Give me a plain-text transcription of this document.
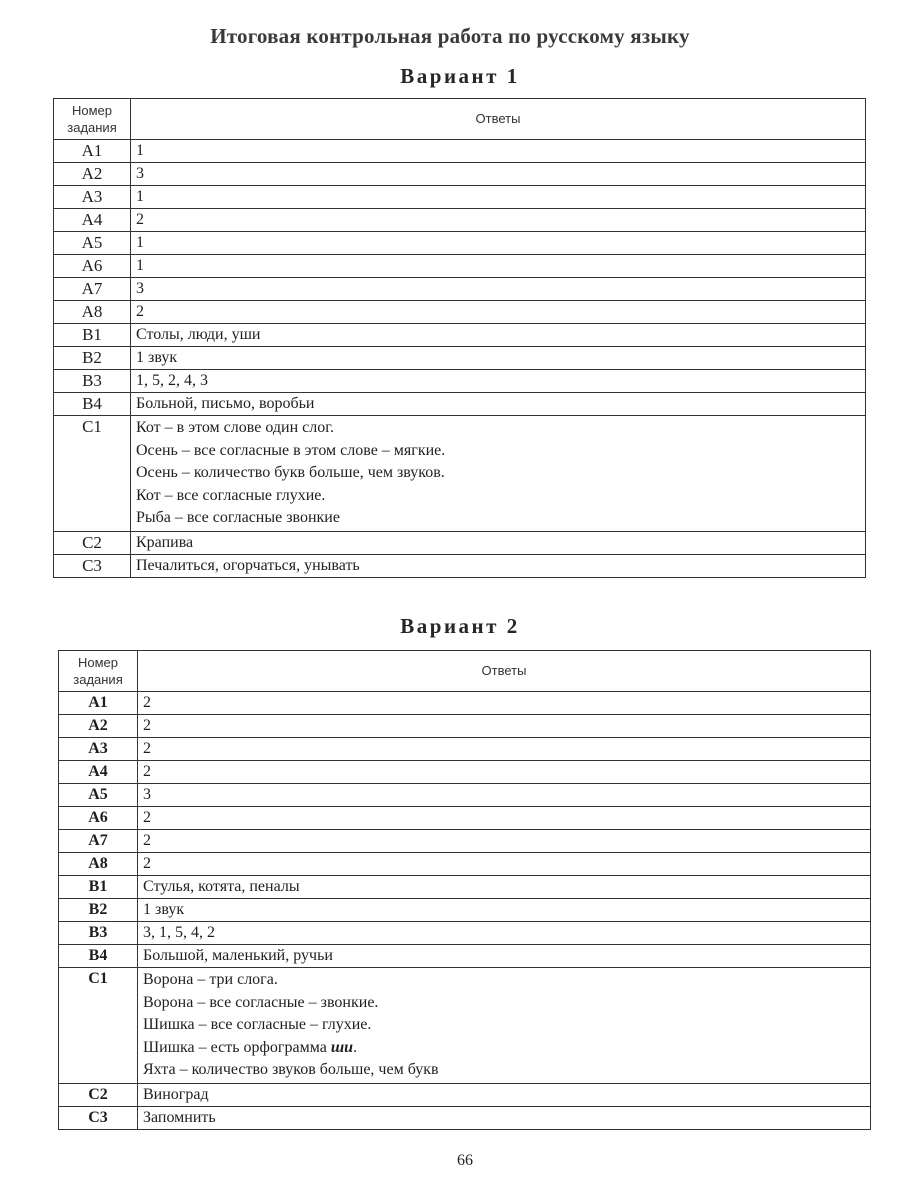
Итоговая контрольная работа по русскому языку
Вариант 1
Номер задания	Ответы
А1	1
А2	3
А3	1
А4	2
А5	1
А6	1
А7	3
А8	2
В1	Столы, люди, уши
В2	1 звук
В3	1, 5, 2, 4, 3
В4	Больной, письмо, воробьи
С1	Кот – в этом слове один слог.
Осень – все согласные в этом слове – мягкие.
Осень – количество букв больше, чем звуков.
Кот – все согласные глухие.
Рыба – все согласные звонкие

С2	Крапива
С3	Печалиться, огорчаться, унывать
Вариант 2
Номер
задания	Ответы
А1	2
А2	2
А3	2
А4	2
А5	3
А6	2
А7	2
А8	2
В1	Стулья, котята, пеналы
В2	1 звук
В3	3, 1, 5, 4, 2
В4	Большой, маленький, ручьи
С1	Ворона – три слога.
Ворона – все согласные – звонкие.
Шишка – все согласные – глухие.
Шишка – есть орфограмма ши.
Яхта – количество звуков больше, чем букв

С2	Виноград
С3	Запомнить
66
